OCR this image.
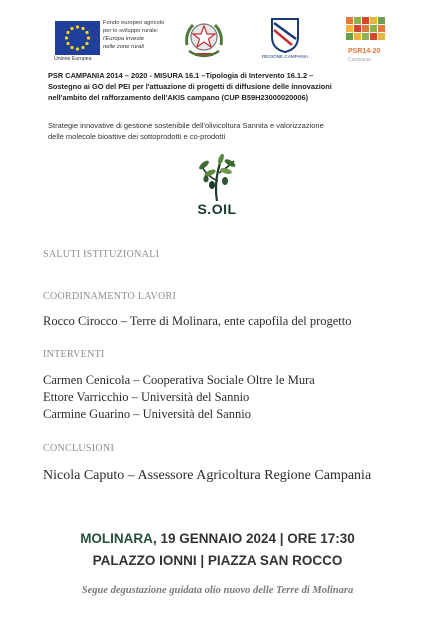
Unione Europea
Fondo europeo agricolo
per lo sviluppo rurale:
l'Europa investe
nelle zone rurali
REGIONE CAMPANIA
PSR14-20
Campania
PSR CAMPANIA 2014 – 2020 - MISURA 16.1 –Tipologia di Intervento 16.1.2 –
Sostegno ai GO del PEI per l'attuazione di progetti di diffusione delle innovazioni
nell'ambito del rafforzamento dell'AKIS campano (CUP B59H23000020006)
Strategie innovative di gestione sostenibile dell'olivicoltura Sannita e valorizzazione
delle molecole bioattive dei sottoprodotti e co-prodotti
S.OIL
SALUTI ISTITUZIONALI
COORDINAMENTO LAVORI
Rocco Cirocco – Terre di Molinara, ente capofila del progetto
INTERVENTI
Carmen Cenicola – Cooperativa Sociale Oltre le Mura
Ettore Varricchio – Università del Sannio
Carmine Guarino – Università del Sannio
CONCLUSIONI
Nicola Caputo – Assessore Agricoltura Regione Campania
MOLINARA, 19 GENNAIO 2024 | ORE 17:30
PALAZZO IONNI | PIAZZA SAN ROCCO
Segue degustazione guidata olio nuovo delle Terre di Molinara
